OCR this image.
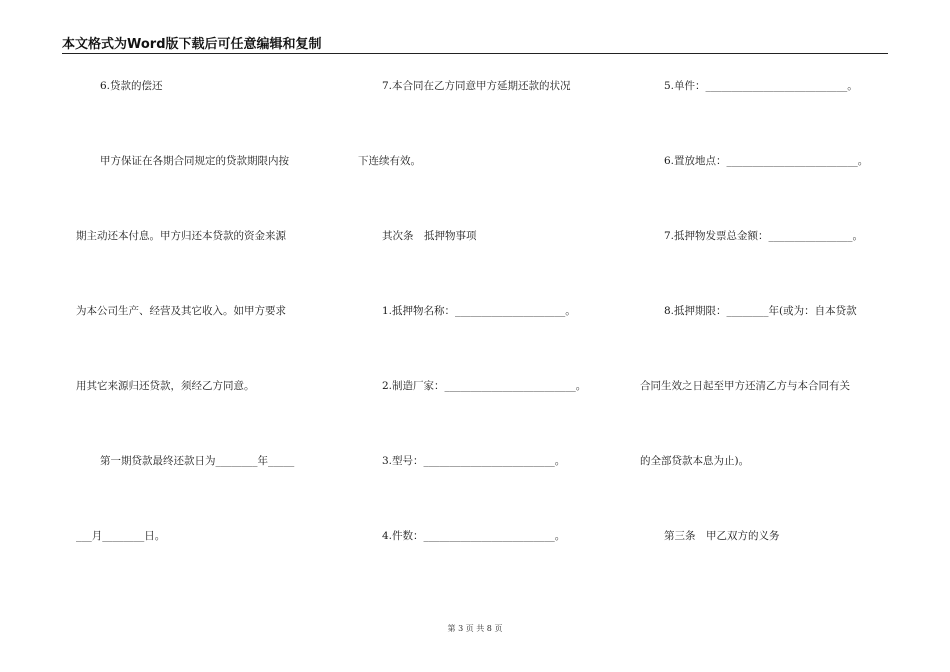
本文格式为Word版下载后可任意编辑和复制
6.贷款的偿还
甲方保证在各期合同规定的贷款期限内按
期主动还本付息。甲方归还本贷款的资金来源
为本公司生产、经营及其它收入。如甲方要求
用其它来源归还贷款，须经乙方同意。
第一期贷款最终还款日为________年_____
___月________日。
7.本合同在乙方同意甲方延期还款的状况
下连续有效。
其次条　抵押物事项
1.抵押物名称：_____________________。
2.制造厂家：_________________________。
3.型号：_________________________。
4.件数：_________________________。
5.单件：___________________________。
6.置放地点：_________________________。
7.抵押物发票总金额：________________。
8.抵押期限：________年(或为：自本贷款
合同生效之日起至甲方还清乙方与本合同有关
的全部贷款本息为止)。
第三条　甲乙双方的义务
第 3 页 共 8 页
